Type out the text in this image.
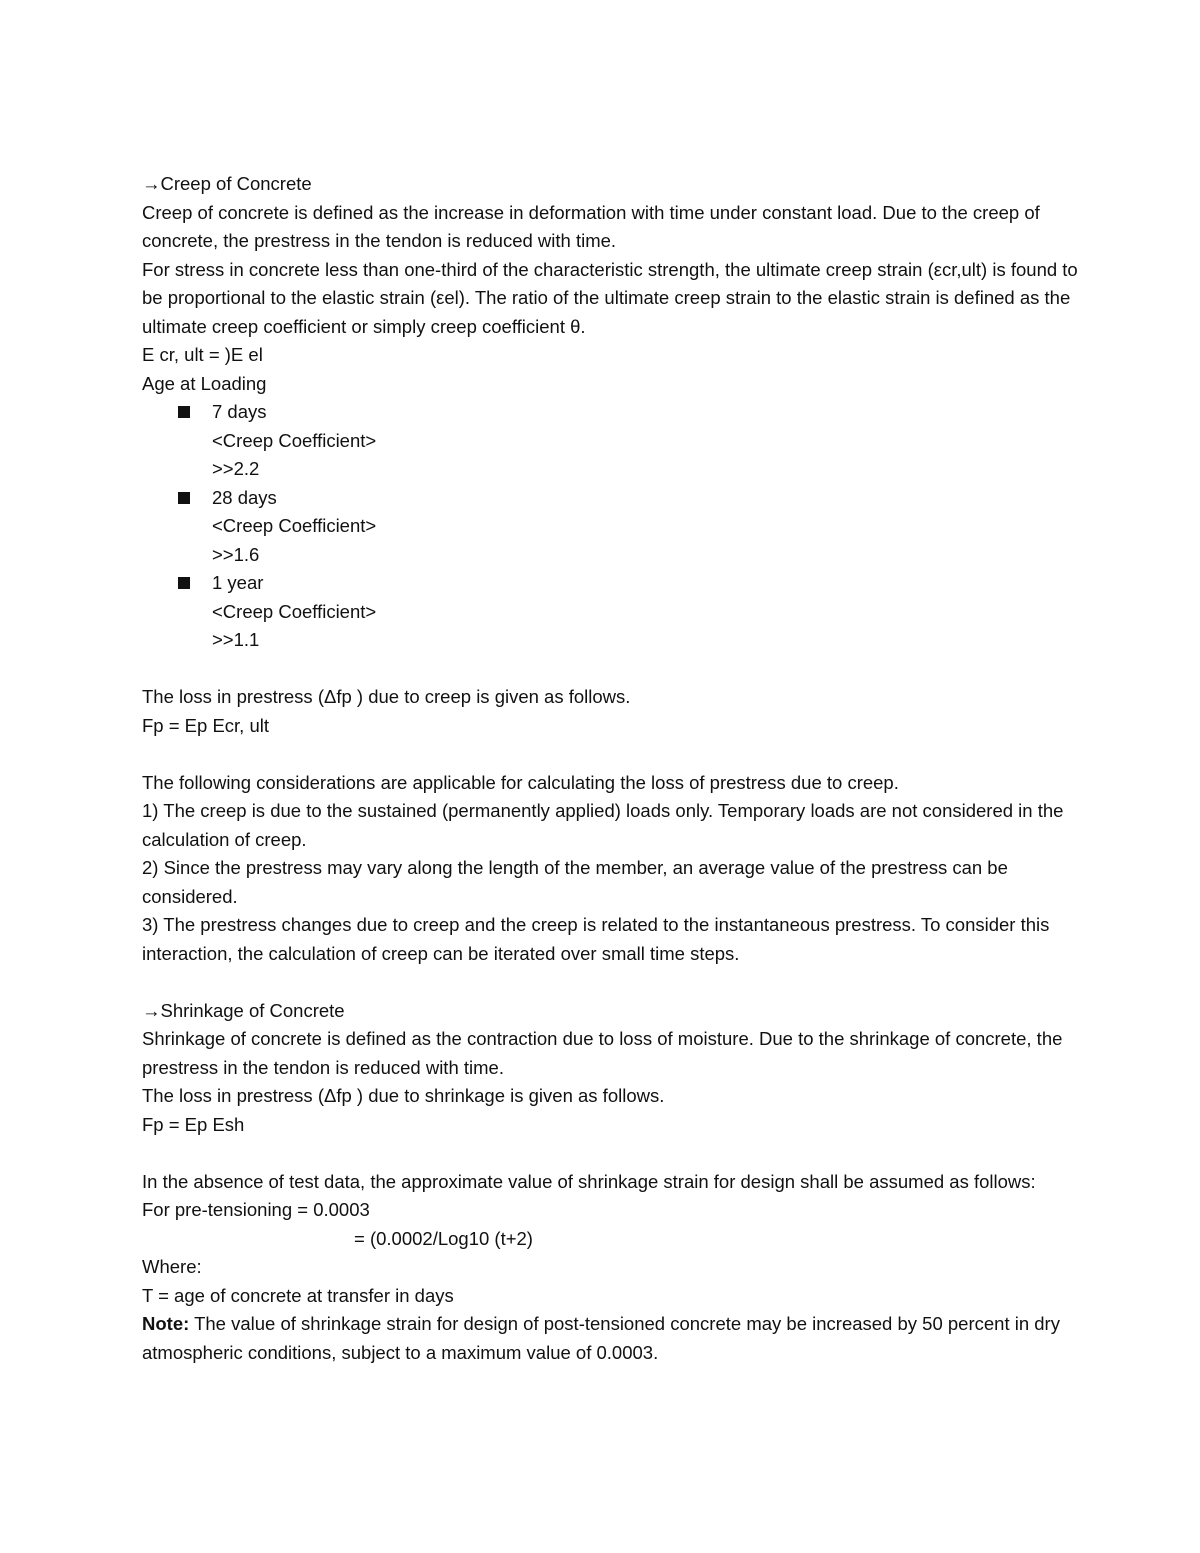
→Creep of Concrete
Creep of concrete is defined as the increase in deformation with time under constant load. Due to the creep of concrete, the prestress in the tendon is reduced with time.
For stress in concrete less than one-third of the characteristic strength, the ultimate creep strain (εcr,ult) is found to be proportional to the elastic strain (εel). The ratio of the ultimate creep strain to the elastic strain is defined as the ultimate creep coefficient or simply creep coefficient θ.
E cr, ult = )E el
Age at Loading
7 days
<Creep Coefficient>
>>2.2
28 days
<Creep Coefficient>
>>1.6
1 year
<Creep Coefficient>
>>1.1
The loss in prestress (Δfp ) due to creep is given as follows.
Fp = Ep Ecr, ult
The following considerations are applicable for calculating the loss of prestress due to creep.
1) The creep is due to the sustained (permanently applied) loads only. Temporary loads are not considered in the calculation of creep.
2) Since the prestress may vary along the length of the member, an average value of the prestress can be considered.
3) The prestress changes due to creep and the creep is related to the instantaneous prestress. To consider this interaction, the calculation of creep can be iterated over small time steps.
→Shrinkage of Concrete
Shrinkage of concrete is defined as the contraction due to loss of moisture. Due to the shrinkage of concrete, the prestress in the tendon is reduced with time.
The loss in prestress (Δfp ) due to shrinkage is given as follows.
Fp = Ep Esh
In the absence of test data, the approximate value of shrinkage strain for design shall be assumed as follows:
For pre-tensioning = 0.0003
= (0.0002/Log10 (t+2)
Where:
T = age of concrete at transfer in days
Note: The value of shrinkage strain for design of post-tensioned concrete may be increased by 50 percent in dry atmospheric conditions, subject to a maximum value of 0.0003.
